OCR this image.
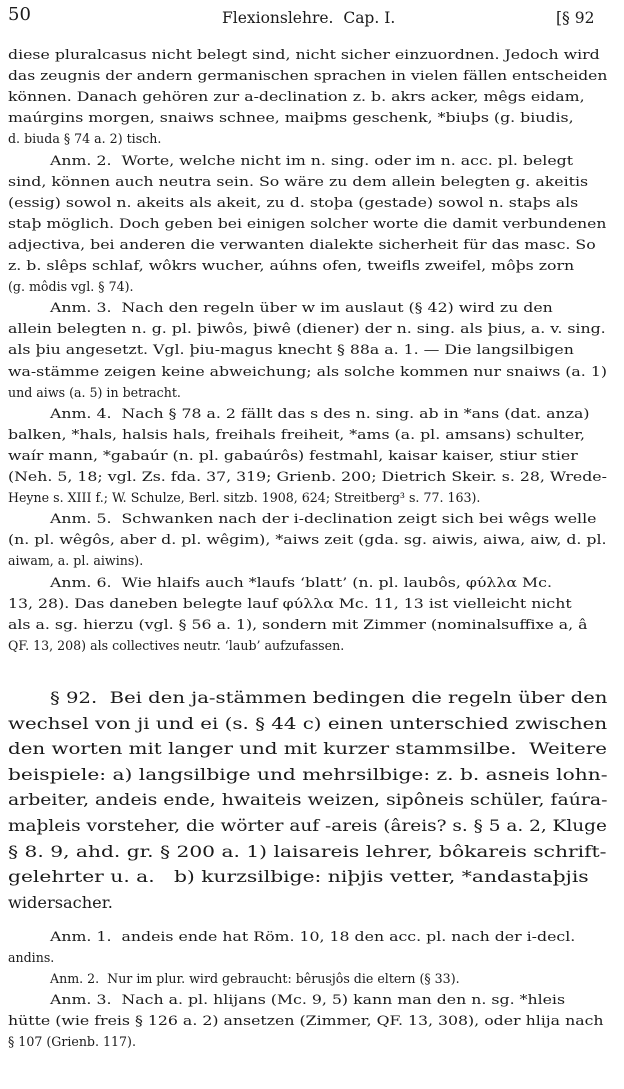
50	Flexionslehre.  Cap. I.	[§ 92
diese pluralcasus nicht belegt sind, nicht sicher einzuordnen. Jedoch wird
das zeugnis der andern germanischen sprachen in vielen fällen entscheiden
können. Danach gehören zur a-declination z. b. akrs acker, mêgs eidam,
maúrgins morgen, snaiws schnee, maiþms geschenk, *biuþs (g. biudis,
d. biuda § 74 a. 2) tisch.
Anm. 2.  Worte, welche nicht im n. sing. oder im n. acc. pl. belegt
sind, können auch neutra sein. So wäre zu dem allein belegten g. akeitis
(essig) sowol n. akeits als akeit, zu d. stoþa (gestade) sowol n. staþs als
staþ möglich. Doch geben bei einigen solcher worte die damit verbundenen
adjectiva, bei anderen die verwanten dialekte sicherheit für das masc. So
z. b. slêps schlaf, wôkrs wucher, aúhns ofen, tweifls zweifel, môþs zorn
(g. môdis vgl. § 74).
Anm. 3.  Nach den regeln über w im auslaut (§ 42) wird zu den
allein belegten n. g. pl. þiwôs, þiwê (diener) der n. sing. als þius, a. v. sing.
als þiu angesetzt. Vgl. þiu-magus knecht § 88a a. 1. — Die langsilbigen
wa-stämme zeigen keine abweichung; als solche kommen nur snaiws (a. 1)
und aiws (a. 5) in betracht.
Anm. 4.  Nach § 78 a. 2 fällt das s des n. sing. ab in *ans (dat. anza)
balken, *hals, halsis hals, freihals freiheit, *ams (a. pl. amsans) schulter,
waír mann, *gabaúr (n. pl. gabaúrôs) festmahl, kaisar kaiser, stiur stier
(Neh. 5, 18; vgl. Zs. fda. 37, 319; Grienb. 200; Dietrich Skeir. s. 28, Wrede-
Heyne s. XIII f.; W. Schulze, Berl. sitzb. 1908, 624; Streitberg³ s. 77. 163).
Anm. 5.  Schwanken nach der i-declination zeigt sich bei wêgs welle
(n. pl. wêgôs, aber d. pl. wêgim), *aiws zeit (gda. sg. aiwis, aiwa, aiw, d. pl.
aiwam, a. pl. aiwins).
Anm. 6.  Wie hlaifs auch *laufs ‘blatt’ (n. pl. laubôs, φύλλα Mc.
13, 28). Das daneben belegte lauf φύλλα Mc. 11, 13 ist vielleicht nicht
als a. sg. hierzu (vgl. § 56 a. 1), sondern mit Zimmer (nominalsuffixe a, â
QF. 13, 208) als collectives neutr. ‘laub’ aufzufassen.
§ 92.  Bei den ja-stämmen bedingen die regeln über den
wechsel von ji und ei (s. § 44 c) einen unterschied zwischen
den worten mit langer und mit kurzer stammsilbe.  Weitere
beispiele: a) langsilbige und mehrsilbige: z. b. asneis lohn-
arbeiter, andeis ende, hwaiteis weizen, sipôneis schüler, faúra-
maþleis vorsteher, die wörter auf -areis (âreis? s. § 5 a. 2, Kluge
§ 8. 9, ahd. gr. § 200 a. 1) laisareis lehrer, bôkareis schrift-
gelehrter u. a.   b) kurzsilbige: niþjis vetter, *andastaþjis
widersacher.
Anm. 1.  andeis ende hat Röm. 10, 18 den acc. pl. nach der i-decl.
andins.
Anm. 2.  Nur im plur. wird gebraucht: bêrusjôs die eltern (§ 33).
Anm. 3.  Nach a. pl. hlijans (Mc. 9, 5) kann man den n. sg. *hleis
hütte (wie freis § 126 a. 2) ansetzen (Zimmer, QF. 13, 308), oder hlija nach
§ 107 (Grienb. 117).
